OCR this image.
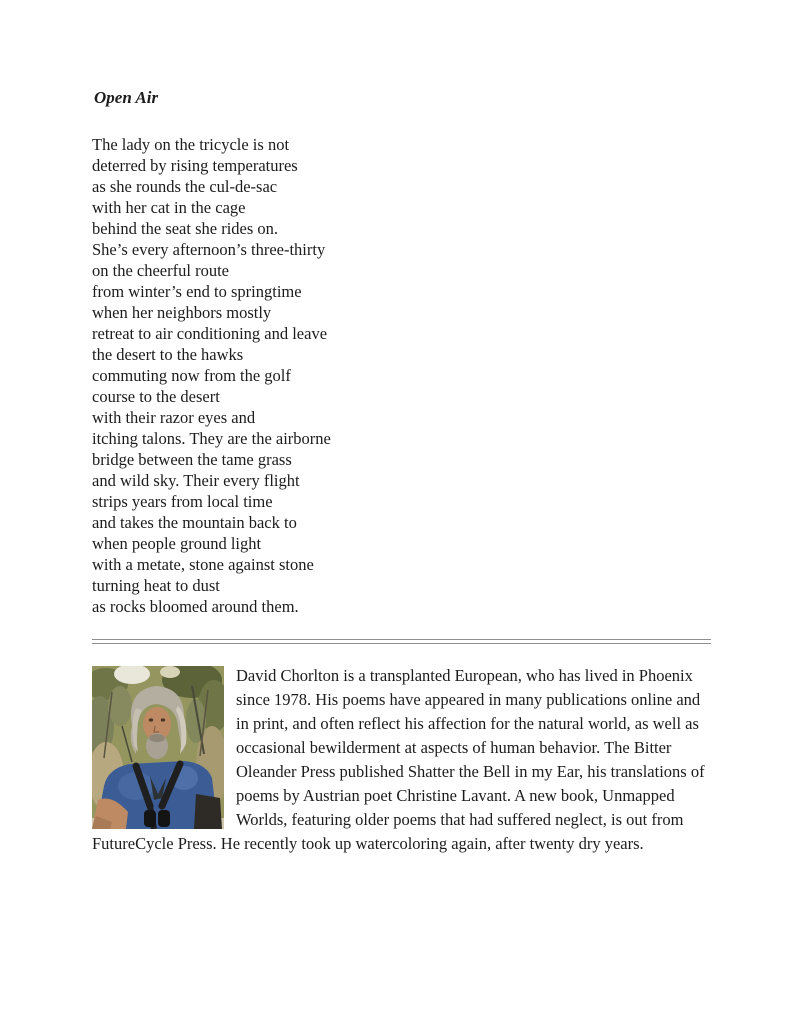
Open Air
The lady on the tricycle is not
deterred by rising temperatures
as she rounds the cul-de-sac
with her cat in the cage
behind the seat she rides on.
She’s every afternoon’s three-thirty
on the cheerful route
from winter’s end to springtime
when her neighbors mostly
retreat to air conditioning and leave
the desert to the hawks
commuting now from the golf
course to the desert
with their razor eyes and
itching talons. They are the airborne
bridge between the tame grass
and wild sky. Their every flight
strips years from local time
and takes the mountain back to
when people ground light
with a metate, stone against stone
turning heat to dust
as rocks bloomed around them.

David Chorlton is a transplanted European, who has lived in Phoenix since 1978. His poems have appeared in many publications online and in print, and often reflect his affection for the natural world, as well as occasional bewilderment at aspects of human behavior. The Bitter Oleander Press published Shatter the Bell in my Ear, his translations of poems by Austrian poet Christine Lavant. A new book, Unmapped Worlds, featuring older poems that had suffered neglect, is out from FutureCycle Press. He recently took up watercoloring again, after twenty dry years.
